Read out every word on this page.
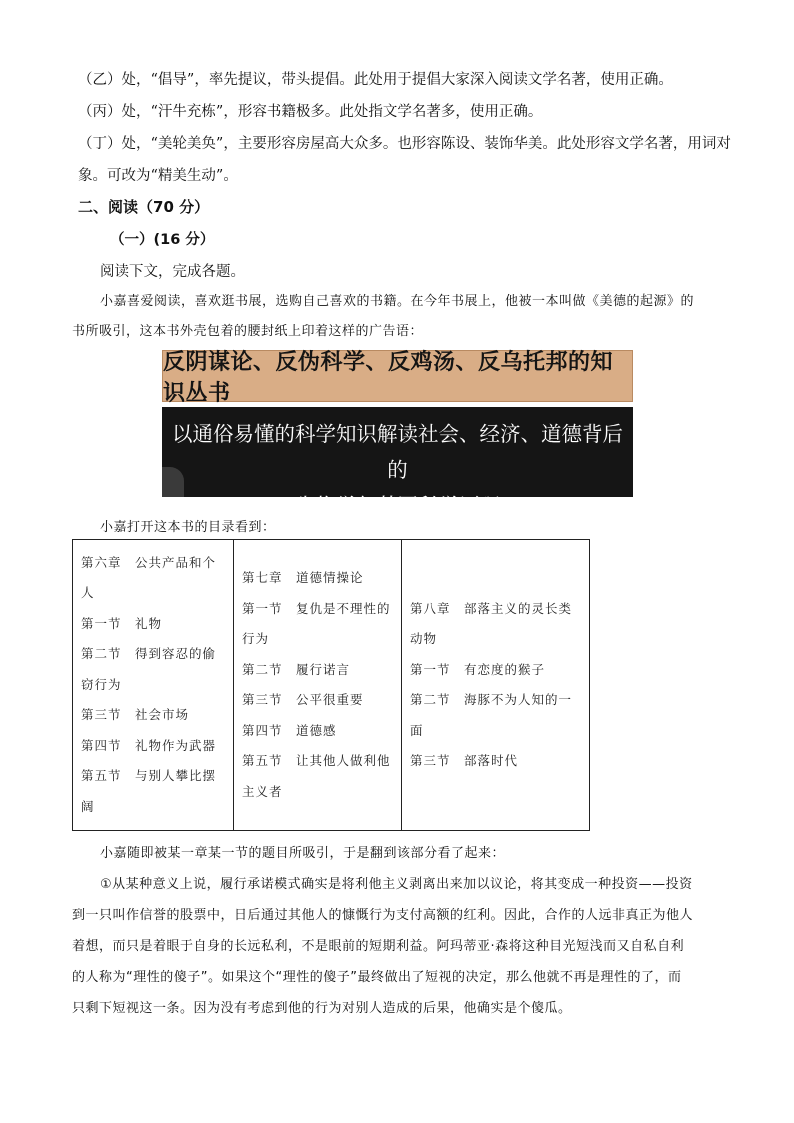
（乙）处，“倡导”，率先提议，带头提倡。此处用于提倡大家深入阅读文学名著，使用正确。
（丙）处，“汗牛充栋”，形容书籍极多。此处指文学名著多，使用正确。
（丁）处，“美轮美奂”，主要形容房屋高大众多。也形容陈设、装饰华美。此处形容文学名著，用词对
象。可改为“精美生动”。
二、阅读（70 分）
（一）(16 分）
阅读下文，完成各题。
小嘉喜爱阅读，喜欢逛书展，选购自己喜欢的书籍。在今年书展上，他被一本叫做《美德的起源》的
书所吸引，这本书外壳包着的腰封纸上印着这样的广告语：
反阴谋论、反伪科学、反鸡汤、反乌托邦的知识丛书
以通俗易懂的科学知识解读社会、经济、道德背后的
生物学与基因科学原理
小嘉打开这本书的目录看到：
第六章　公共产品和个
人
第一节　礼物
第二节　得到容忍的偷
窃行为
第三节　社会市场
第四节　礼物作为武器
第五节　与别人攀比摆
阔

第七章　道德情操论
第一节　复仇是不理性的
行为
第二节　履行诺言
第三节　公平很重要
第四节　道德感
第五节　让其他人做利他
主义者

第八章　部落主义的灵长类
动物
第一节　有恋度的猴子
第二节　海豚不为人知的一
面
第三节　部落时代
小嘉随即被某一章某一节的题目所吸引，于是翻到该部分看了起来：
①从某种意义上说，履行承诺模式确实是将利他主义剥离出来加以议论，将其变成一种投资——投资
到一只叫作信誉的股票中，日后通过其他人的慷慨行为支付高额的红利。因此，合作的人远非真正为他人
着想，而只是着眼于自身的长远私利，不是眼前的短期利益。阿玛蒂亚·森将这种目光短浅而又自私自利
的人称为“理性的傻子”。如果这个“理性的傻子”最终做出了短视的决定，那么他就不再是理性的了，而
只剩下短视这一条。因为没有考虑到他的行为对别人造成的后果，他确实是个傻瓜。
